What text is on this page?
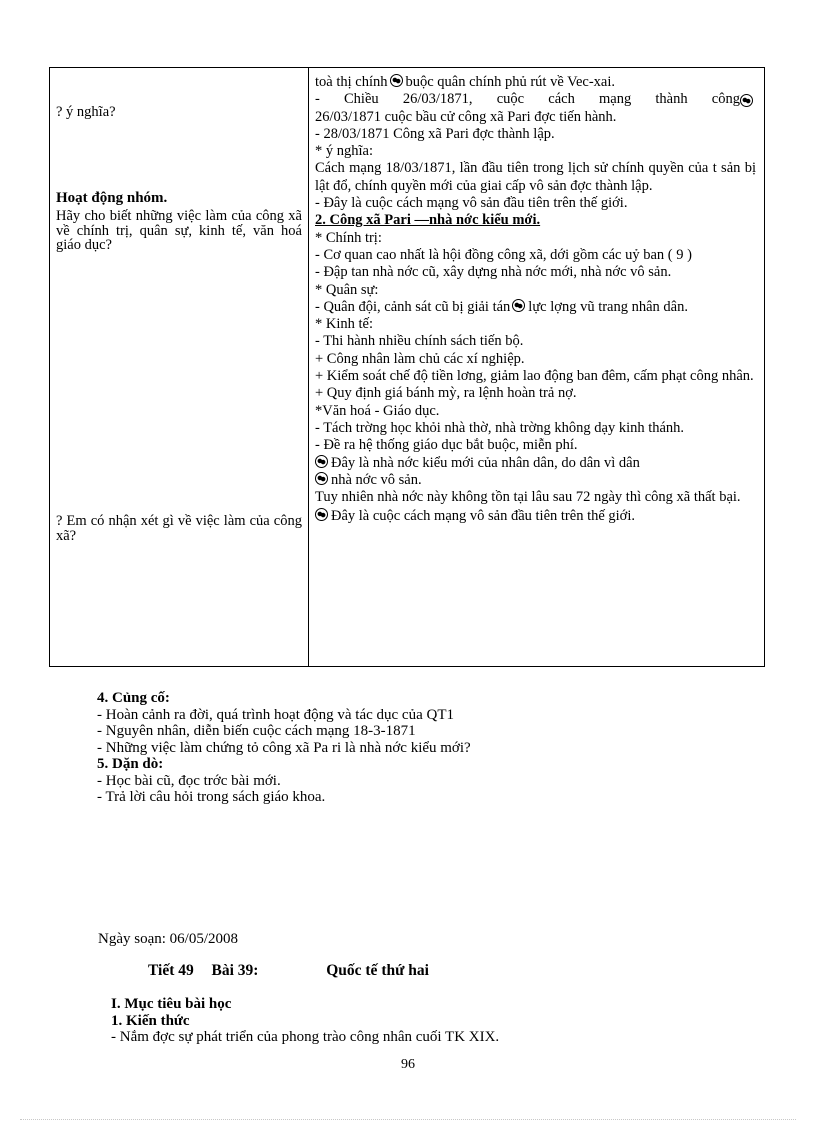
? ý nghĩa?
Hoạt động nhóm.
Hãy cho biết những việc làm của công xã về chính trị, quân sự, kinh tế, văn hoá giáo dục?
? Em có nhận xét gì về việc làm của công xã?
toà thị chính buộc quân chính phủ rút về Vec-xai.
- Chiều 26/03/1871, cuộc cách mạng thành công
26/03/1871 cuộc bầu cử công xã Pari đợc tiến hành.
- 28/03/1871 Công xã Pari đợc thành lập.
* ý nghĩa:
Cách mạng 18/03/1871, lần đầu tiên trong lịch sử chính quyền của t sản bị lật đổ, chính quyền mới của giai cấp vô sản đợc thành lập.
- Đây là cuộc cách mạng vô sản đầu tiên trên thế giới.
2. Công xã Pari —nhà nớc kiểu mới.
* Chính trị:
- Cơ quan cao nhất là hội đồng công xã, dới gồm các uỷ ban ( 9 )
- Đập tan nhà nớc cũ, xây dựng nhà nớc mới, nhà nớc vô sản.
* Quân sự:
- Quân đội, cảnh sát cũ bị giải tán lực lợng vũ trang nhân dân.
* Kinh tế:
- Thi hành nhiều chính sách tiến bộ.
+ Công nhân làm chủ các xí nghiệp.
+ Kiểm soát chế độ tiền lơng, giảm lao động ban đêm, cấm phạt công nhân.
+ Quy định giá bánh mỳ, ra lệnh hoàn trả nợ.
*Văn hoá - Giáo dục.
- Tách trờng học khỏi nhà thờ, nhà trờng không dạy kinh thánh.
- Đề ra hệ thống giáo dục bắt buộc, miễn phí.
Đây là nhà nớc kiểu mới của nhân dân, do dân vì dân
nhà nớc vô sản.
Tuy nhiên nhà nớc này không tồn tại lâu sau 72 ngày thì công xã thất bại.
Đây là cuộc cách mạng vô sản đầu tiên trên thế giới.
4. Củng cố:
- Hoàn cảnh ra đời, quá trình hoạt động và tác dục của QT1
- Nguyên nhân, diễn biến cuộc cách mạng 18-3-1871
- Những việc làm chứng tỏ công xã Pa ri là nhà nớc kiểu mới?
5. Dặn dò:
- Học bài cũ, đọc trớc bài mới.
- Trả lời câu hỏi trong sách giáo khoa.
Ngày soạn: 06/05/2008
Tiết 49 Bài 39:	Quốc tế thứ hai
I. Mục tiêu bài học
1. Kiến thức
- Nắm đợc sự phát triển của phong trào công nhân cuối TK XIX.
96
